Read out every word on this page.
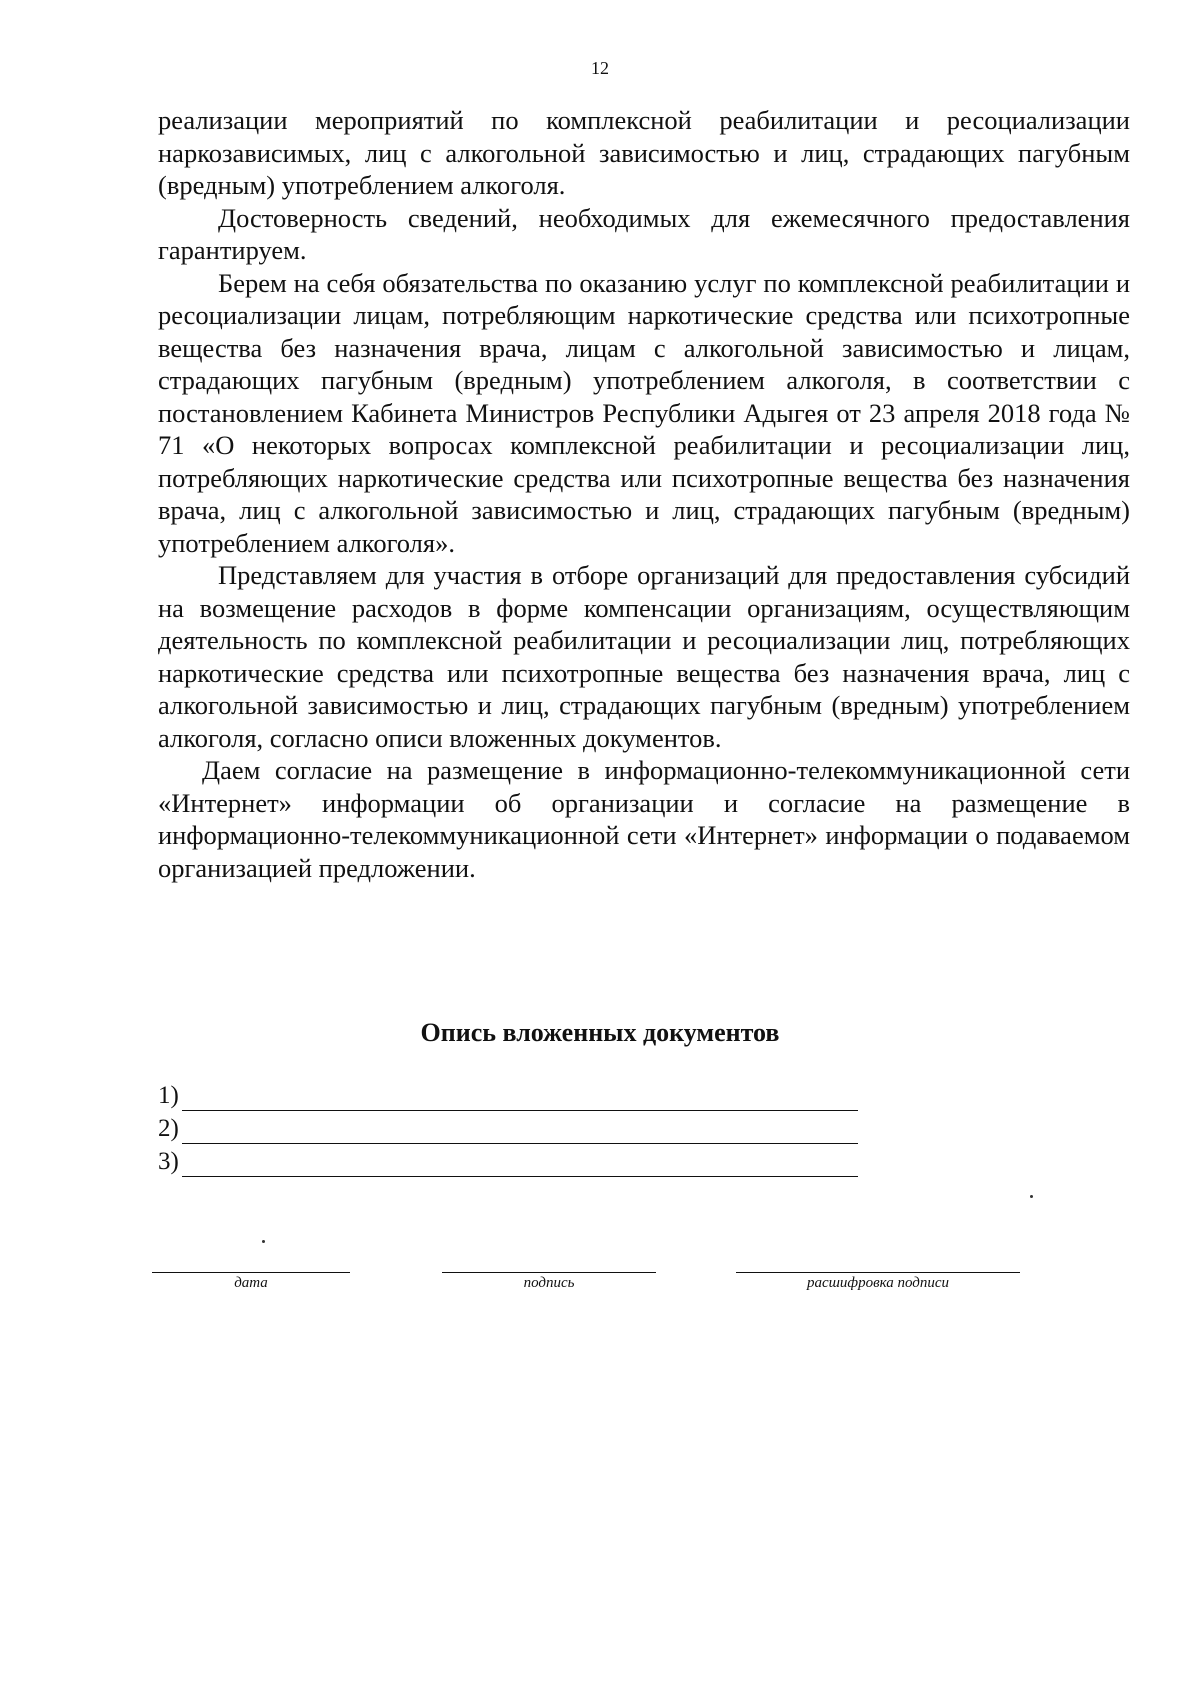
12

реализации мероприятий по комплексной реабилитации и ресоциализации наркозависимых, лиц с алкогольной зависимостью и лиц, страдающих пагубным (вредным) употреблением алкоголя.

Достоверность сведений, необходимых для ежемесячного предоставления гарантируем.

Берем на себя обязательства по оказанию услуг по комплексной реабилитации и ресоциализации лицам, потребляющим наркотические средства или психотропные вещества без назначения врача, лицам с алкогольной зависимостью и лицам, страдающих пагубным (вредным) употреблением алкоголя, в соответствии с постановлением Кабинета Министров Республики Адыгея от 23 апреля 2018 года № 71 «О некоторых вопросах комплексной реабилитации и ресоциализации лиц, потребляющих наркотические средства или психотропные вещества без назначения врача, лиц с алкогольной зависимостью и лиц, страдающих пагубным (вредным) употреблением алкоголя».

Представляем для участия в отборе организаций для предоставления субсидий на возмещение расходов в форме компенсации организациям, осуществляющим деятельность по комплексной реабилитации и ресоциализации лиц, потребляющих наркотические средства или психотропные вещества без назначения врача, лиц с алкогольной зависимостью и лиц, страдающих пагубным (вредным) употреблением алкоголя, согласно описи вложенных документов.

Даем согласие на размещение в информационно-телекоммуникационной сети «Интернет» информации об организации и согласие на размещение в информационно-телекоммуникационной сети «Интернет» информации о подаваемом организацией предложении.

Опись вложенных документов
1)
2)
3)
дата	подпись	расшифровка подписи
